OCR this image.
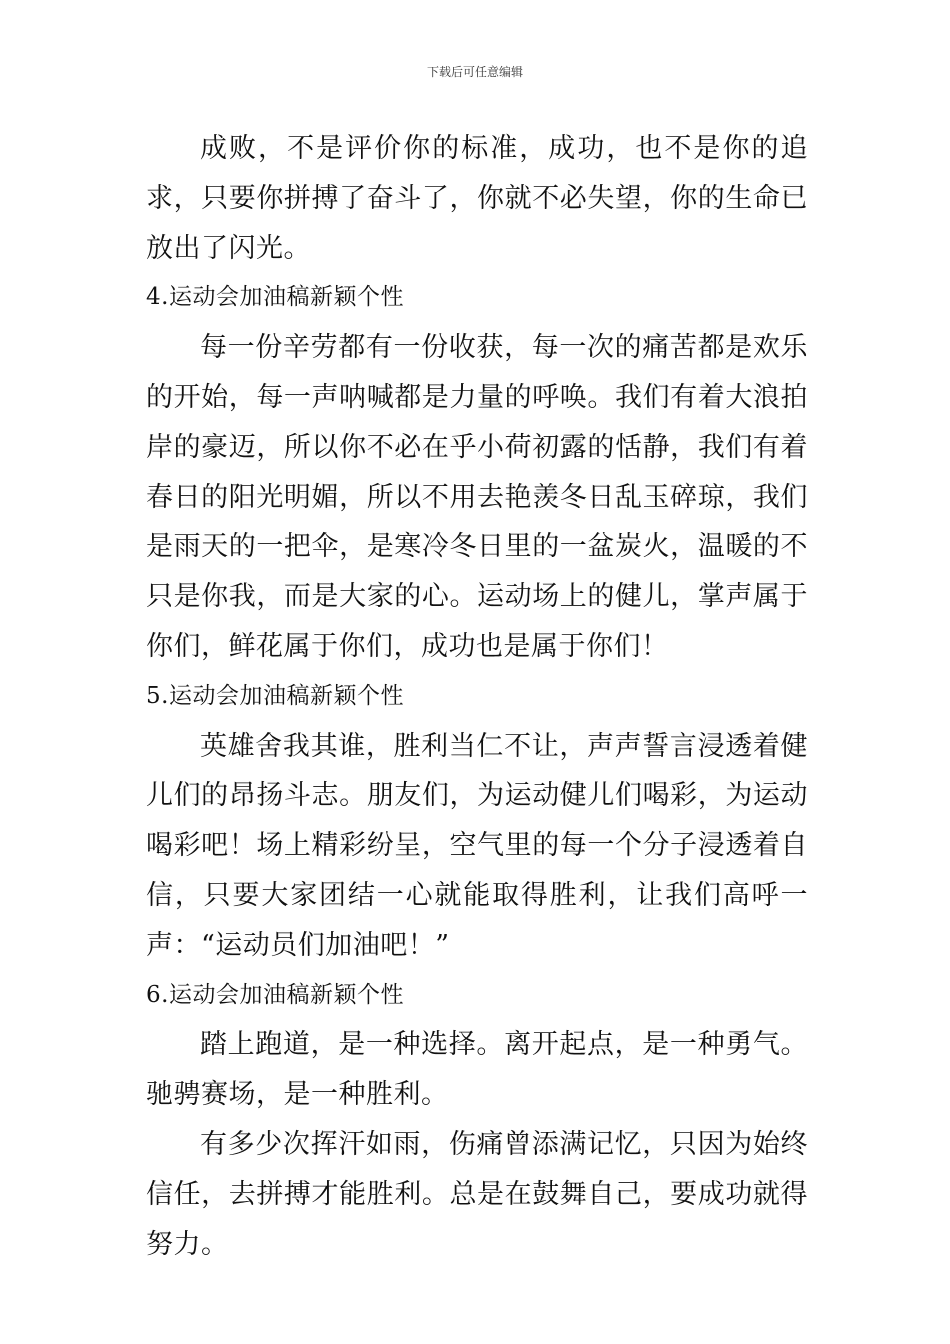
下载后可任意编辑

成败，不是评价你的标准，成功，也不是你的追求，只要你拼搏了奋斗了，你就不必失望，你的生命已放出了闪光。

4.运动会加油稿新颖个性

每一份辛劳都有一份收获，每一次的痛苦都是欢乐的开始，每一声呐喊都是力量的呼唤。我们有着大浪拍岸的豪迈，所以你不必在乎小荷初露的恬静，我们有着春日的阳光明媚，所以不用去艳羡冬日乱玉碎琼，我们是雨天的一把伞，是寒冷冬日里的一盆炭火，温暖的不只是你我，而是大家的心。运动场上的健儿，掌声属于你们，鲜花属于你们，成功也是属于你们！

5.运动会加油稿新颖个性

英雄舍我其谁，胜利当仁不让，声声誓言浸透着健儿们的昂扬斗志。朋友们，为运动健儿们喝彩，为运动喝彩吧！场上精彩纷呈，空气里的每一个分子浸透着自信，只要大家团结一心就能取得胜利，让我们高呼一声：“运动员们加油吧！”

6.运动会加油稿新颖个性

踏上跑道，是一种选择。离开起点，是一种勇气。驰骋赛场，是一种胜利。

有多少次挥汗如雨，伤痛曾添满记忆，只因为始终信任，去拼搏才能胜利。总是在鼓舞自己，要成功就得努力。
